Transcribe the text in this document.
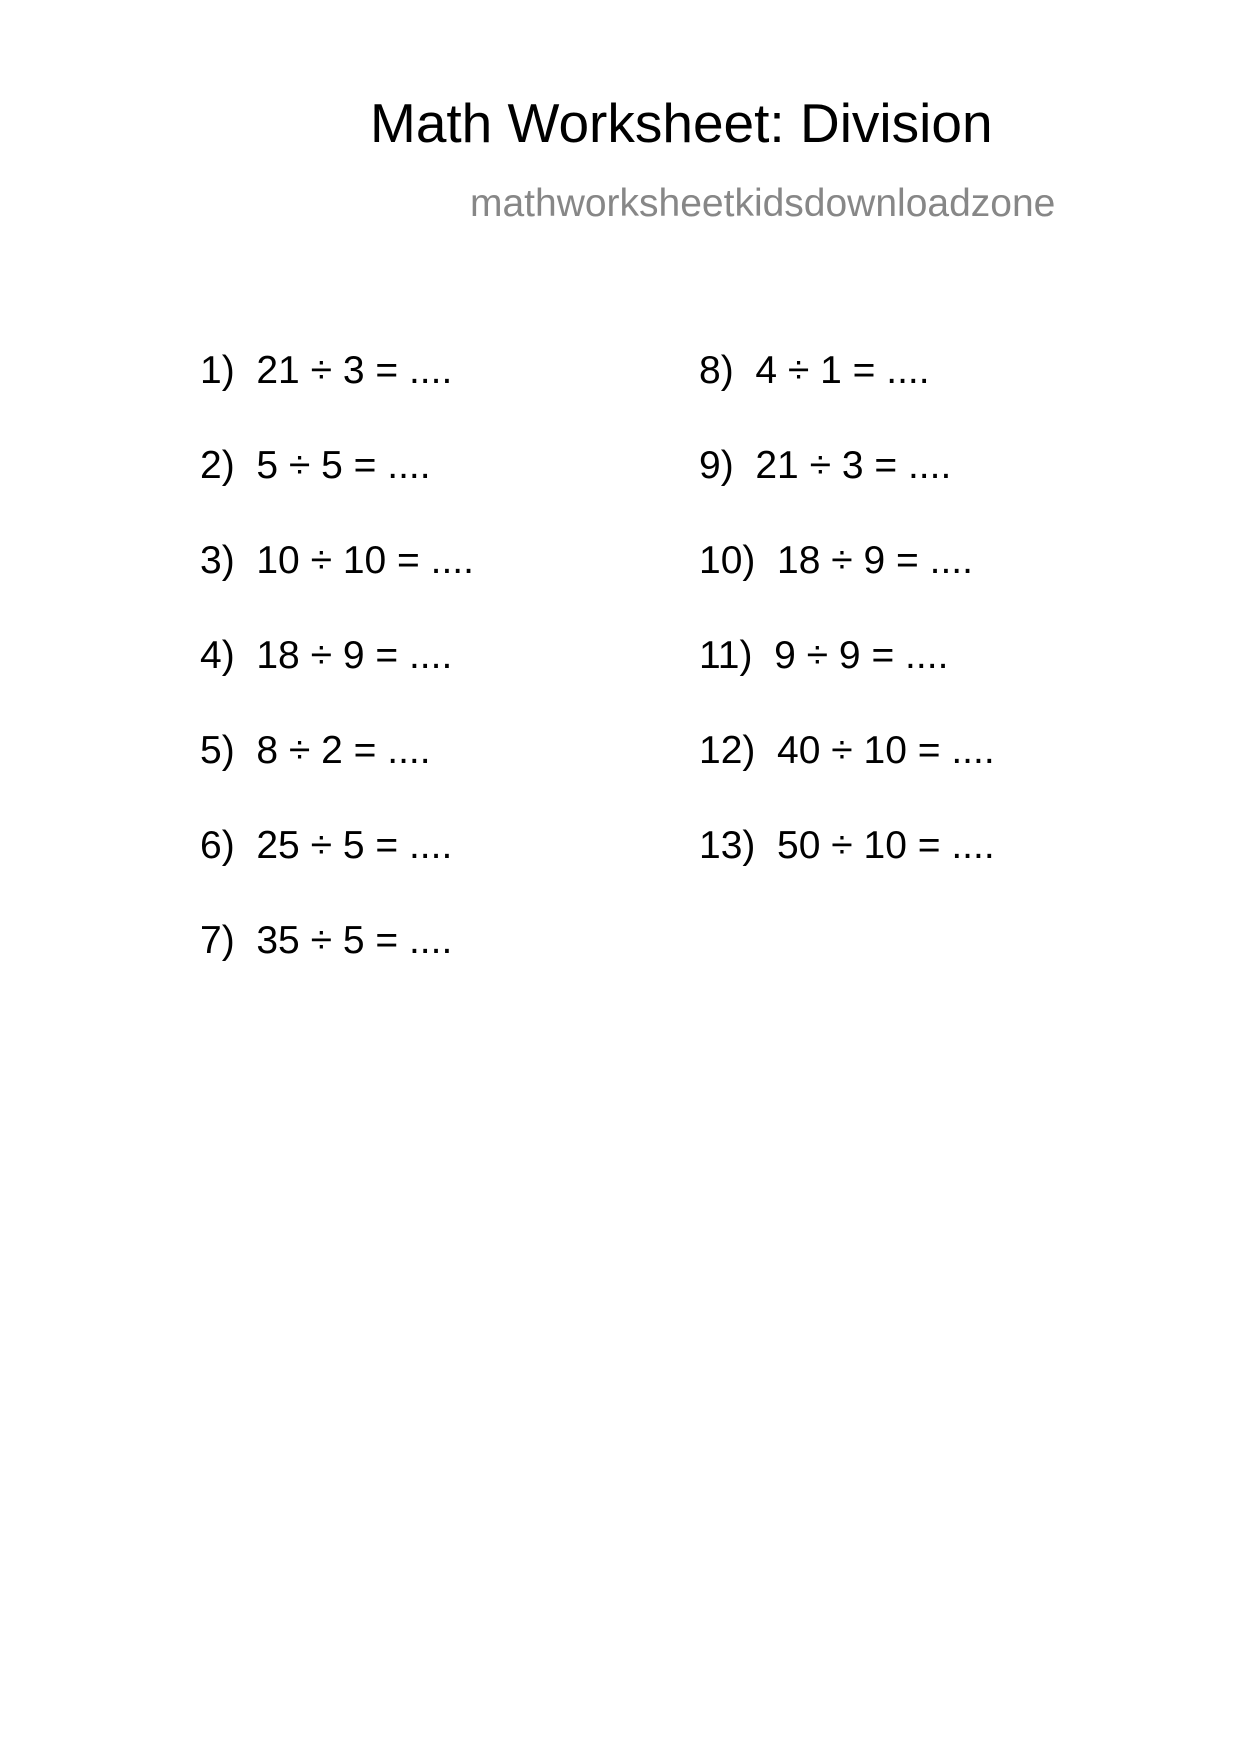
Math Worksheet: Division
mathworksheetkidsdownloadzone
1)  21 ÷ 3 = ....
2)  5 ÷ 5 = ....
3)  10 ÷ 10 = ....
4)  18 ÷ 9 = ....
5)  8 ÷ 2 = ....
6)  25 ÷ 5 = ....
7)  35 ÷ 5 = ....
8)  4 ÷ 1 = ....
9)  21 ÷ 3 = ....
10)  18 ÷ 9 = ....
11)  9 ÷ 9 = ....
12)  40 ÷ 10 = ....
13)  50 ÷ 10 = ....
